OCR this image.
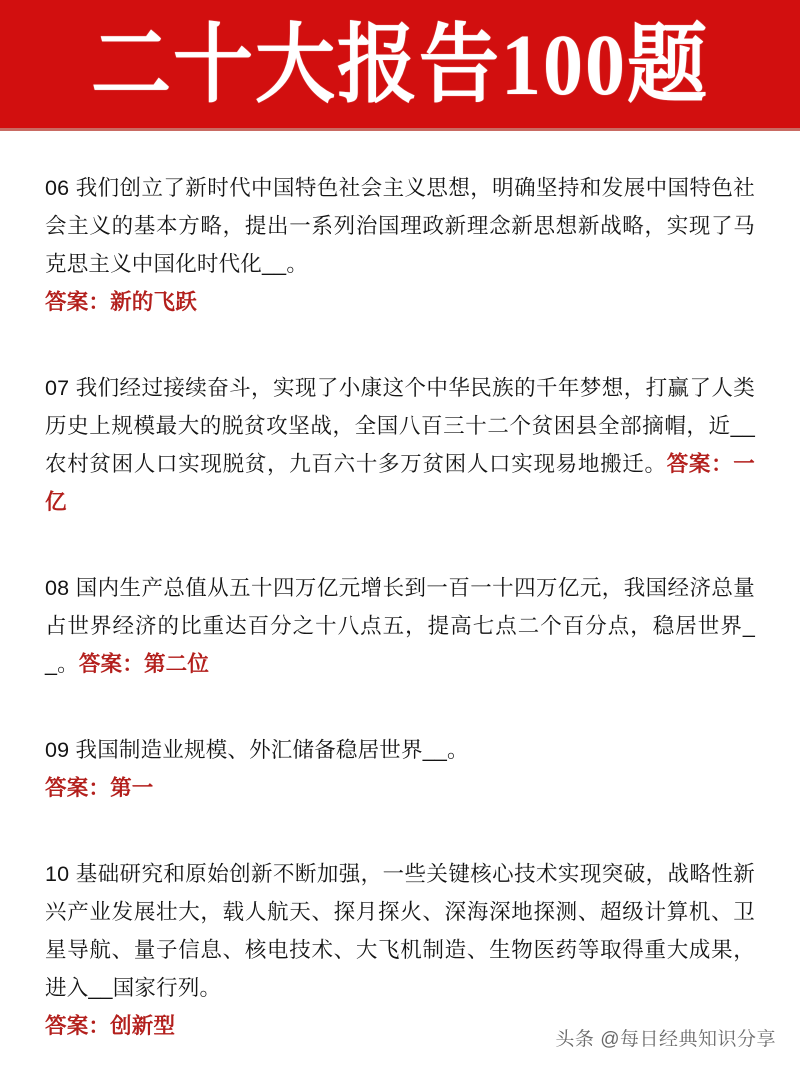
二十大报告100题

06 我们创立了新时代中国特色社会主义思想，明确坚持和发展中国特色社会主义的基本方略，提出一系列治国理政新理念新思想新战略，实现了马克思主义中国化时代化__。

答案：新的飞跃

07 我们经过接续奋斗，实现了小康这个中华民族的千年梦想，打赢了人类历史上规模最大的脱贫攻坚战，全国八百三十二个贫困县全部摘帽，近__农村贫困人口实现脱贫，九百六十多万贫困人口实现易地搬迁。答案：一亿

08 国内生产总值从五十四万亿元增长到一百一十四万亿元，我国经济总量占世界经济的比重达百分之十八点五，提高七点二个百分点，稳居世界__。答案：第二位

09 我国制造业规模、外汇储备稳居世界__。

答案：第一

10 基础研究和原始创新不断加强，一些关键核心技术实现突破，战略性新兴产业发展壮大，载人航天、探月探火、深海深地探测、超级计算机、卫星导航、量子信息、核电技术、大飞机制造、生物医药等取得重大成果，进入__国家行列。

答案：创新型

头条 @每日经典知识分享
